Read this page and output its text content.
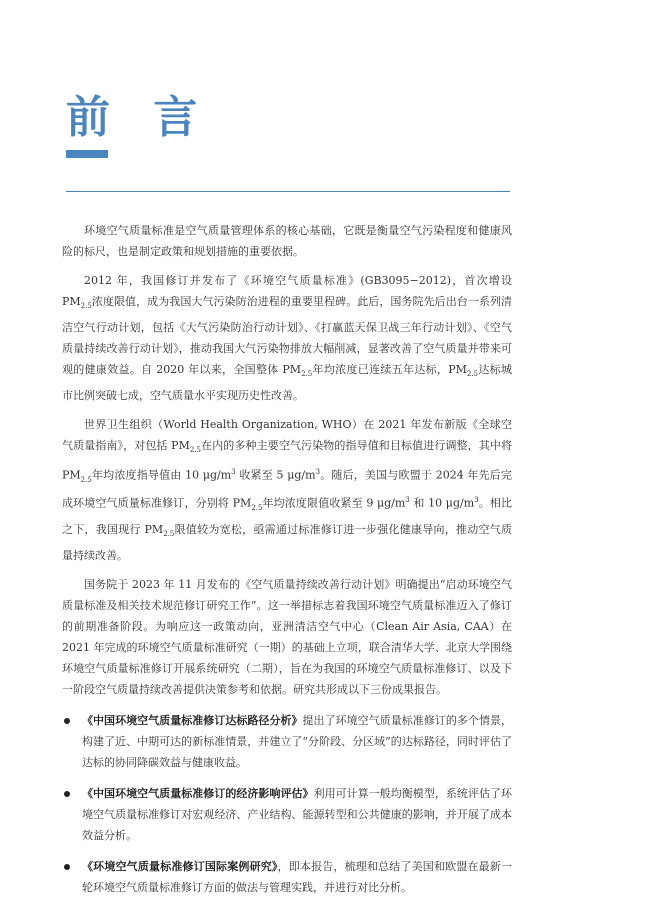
前 言

环境空气质量标准是空气质量管理体系的核心基础，它既是衡量空气污染程度和健康风险的标尺，也是制定政策和规划措施的重要依据。

2012 年，我国修订并发布了《环境空气质量标准》(GB3095−2012)，首次增设 $PM_{2.5}$浓度限值，成为我国大气污染防治进程的重要里程碑。此后，国务院先后出台一系列清洁空气行动计划，包括《大气污染防治行动计划》、《打赢蓝天保卫战三年行动计划》、《空气质量持续改善行动计划》，推动我国大气污染物排放大幅削减，显著改善了空气质量并带来可观的健康效益。自 2020 年以来，全国整体 $PM_{2.5}$年均浓度已连续五年达标，$PM_{2.5}$达标城市比例突破七成，空气质量水平实现历史性改善。

世界卫生组织（World Health Organization, WHO）在 2021 年发布新版《全球空气质量指南》，对包括 $PM_{2.5}$在内的多种主要空气污染物的指导值和目标值进行调整，其中将 $PM_{2.5}$年均浓度指导值由 10 $\mu g/m^3$ 收紧至 5 $\mu g/m^3$。随后，美国与欧盟于 2024 年先后完成环境空气质量标准修订，分别将 $PM_{2.5}$年均浓度限值收紧至 9 $\mu g/m^3$ 和 10 $\mu g/m^3$。相比之下，我国现行 $PM_{2.5}$限值较为宽松，亟需通过标准修订进一步强化健康导向，推动空气质量持续改善。

国务院于 2023 年 11 月发布的《空气质量持续改善行动计划》明确提出“启动环境空气质量标准及相关技术规范修订研究工作”。这一举措标志着我国环境空气质量标准迈入了修订的前期准备阶段。为响应这一政策动向，亚洲清洁空气中心（Clean Air Asia, CAA）在 2021 年完成的环境空气质量标准研究（一期）的基础上立项，联合清华大学、北京大学围绕环境空气质量标准修订开展系统研究（二期），旨在为我国的环境空气质量标准修订、以及下一阶段空气质量持续改善提供决策参考和依据。研究共形成以下三份成果报告。

《中国环境空气质量标准修订达标路径分析》提出了环境空气质量标准修订的多个情景，构建了近、中期可达的新标准情景，并建立了“分阶段、分区域”的达标路径，同时评估了达标的协同降碳效益与健康收益。
《中国环境空气质量标准修订的经济影响评估》利用可计算一般均衡模型，系统评估了环境空气质量标准修订对宏观经济、产业结构、能源转型和公共健康的影响，并开展了成本效益分析。
《环境空气质量标准修订国际案例研究》，即本报告，梳理和总结了美国和欧盟在最新一轮环境空气质量标准修订方面的做法与管理实践，并进行对比分析。
